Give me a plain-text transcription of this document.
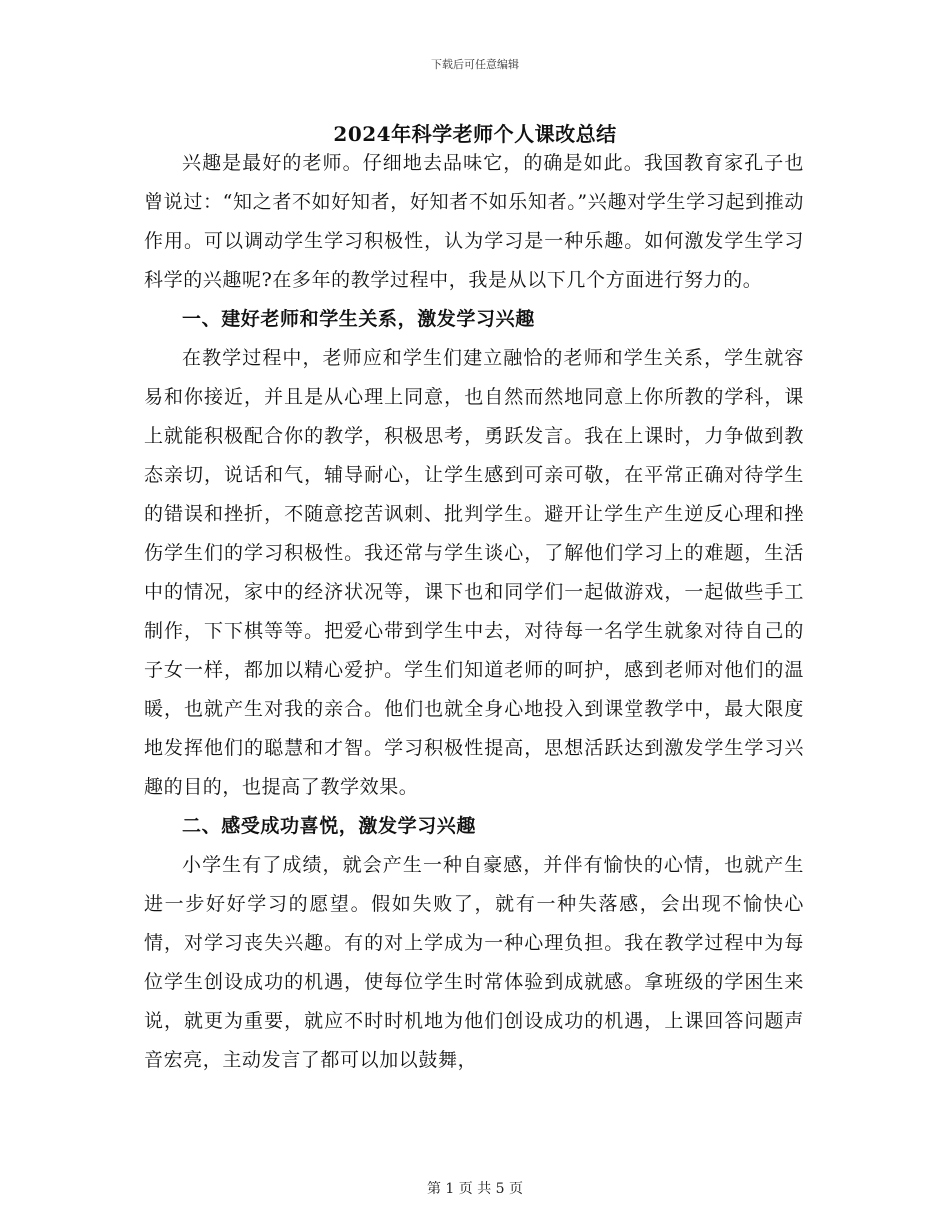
下载后可任意编辑
2024年科学老师个人课改总结

兴趣是最好的老师。仔细地去品味它，的确是如此。我国教育家孔子也曾说过：“知之者不如好知者，好知者不如乐知者。”兴趣对学生学习起到推动作用。可以调动学生学习积极性，认为学习是一种乐趣。如何激发学生学习科学的兴趣呢?在多年的教学过程中，我是从以下几个方面进行努力的。

一、建好老师和学生关系，激发学习兴趣

在教学过程中，老师应和学生们建立融恰的老师和学生关系，学生就容易和你接近，并且是从心理上同意，也自然而然地同意上你所教的学科，课上就能积极配合你的教学，积极思考，勇跃发言。我在上课时，力争做到教态亲切，说话和气，辅导耐心，让学生感到可亲可敬，在平常正确对待学生的错误和挫折，不随意挖苦讽刺、批判学生。避开让学生产生逆反心理和挫伤学生们的学习积极性。我还常与学生谈心，了解他们学习上的难题，生活中的情况，家中的经济状况等，课下也和同学们一起做游戏，一起做些手工制作，下下棋等等。把爱心带到学生中去，对待每一名学生就象对待自己的子女一样，都加以精心爱护。学生们知道老师的呵护，感到老师对他们的温暖，也就产生对我的亲合。他们也就全身心地投入到课堂教学中，最大限度地发挥他们的聪慧和才智。学习积极性提高，思想活跃达到激发学生学习兴趣的目的，也提高了教学效果。

二、感受成功喜悦，激发学习兴趣

小学生有了成绩，就会产生一种自豪感，并伴有愉快的心情，也就产生进一步好好学习的愿望。假如失败了，就有一种失落感，会出现不愉快心情，对学习丧失兴趣。有的对上学成为一种心理负担。我在教学过程中为每位学生创设成功的机遇，使每位学生时常体验到成就感。拿班级的学困生来说，就更为重要，就应不时时机地为他们创设成功的机遇，上课回答问题声音宏亮，主动发言了都可以加以鼓舞，

第 1 页 共 5 页
